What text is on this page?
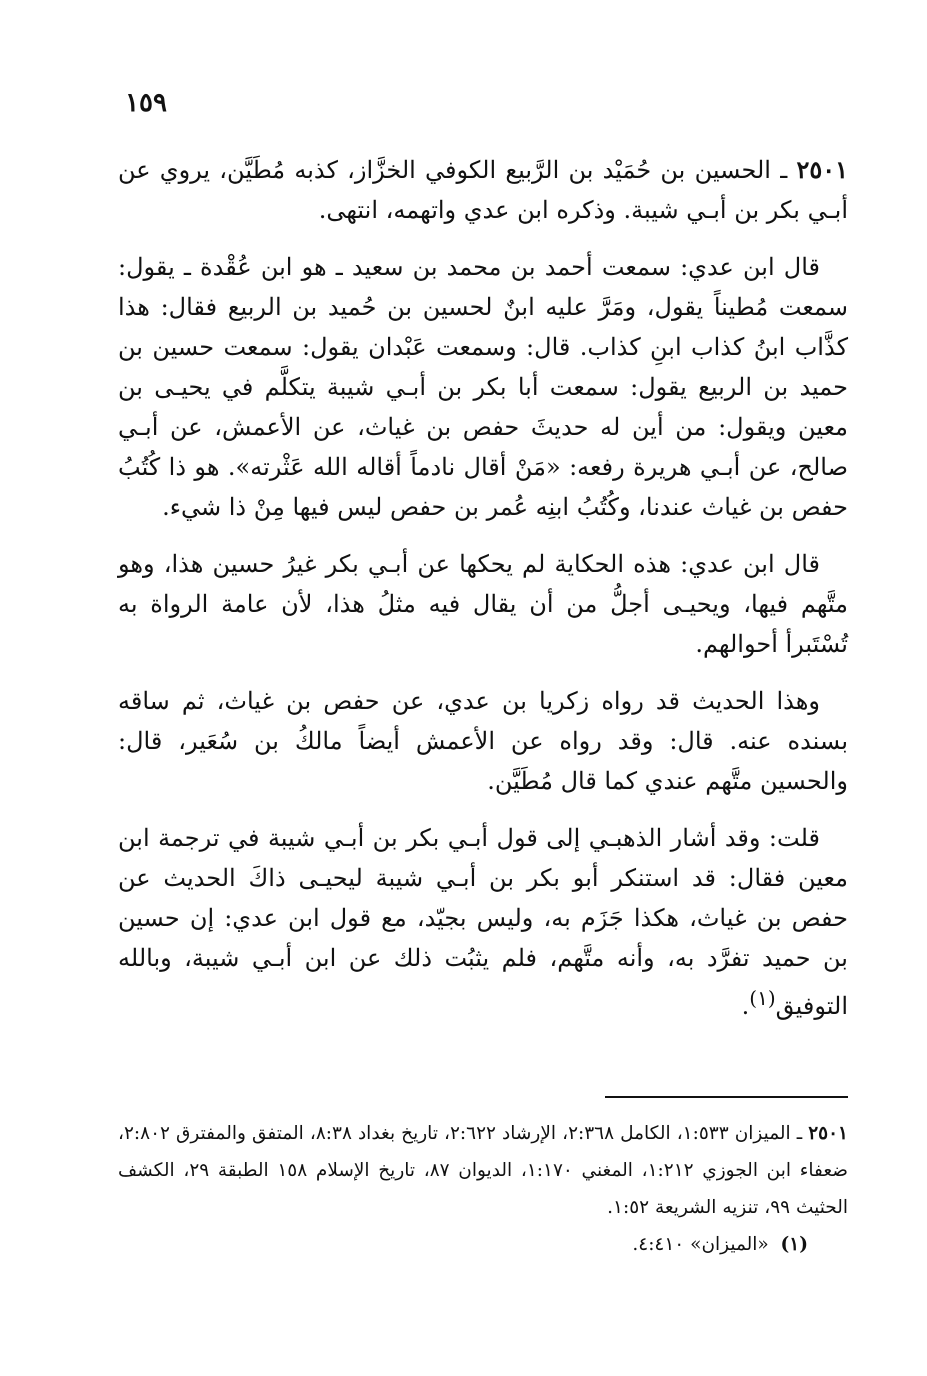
١٥٩

٢٥٠١ ـ الحسين بن حُمَيْد بن الرَّبيع الكوفي الخزَّاز، كذبه مُطَيَّن، يروي عن أبـي بكر بن أبـي شيبة. وذكره ابن عدي واتهمه، انتهى.

قال ابن عدي: سمعت أحمد بن محمد بن سعيد ـ هو ابن عُقْدة ـ يقول: سمعت مُطيناً يقول، ومَرَّ عليه ابنٌ لحسين بن حُميد بن الربيع فقال: هذا كذَّاب ابنُ كذاب ابنِ كذاب. قال: وسمعت عَبْدان يقول: سمعت حسين بن حميد بن الربيع يقول: سمعت أبا بكر بن أبـي شيبة يتكلَّم في يحيـى بن معين ويقول: من أين له حديثَ حفص بن غياث، عن الأعمش، عن أبـي صالح، عن أبـي هريرة رفعه: «مَنْ أقال نادماً أقاله الله عَثْرته». هو ذا كُتُبُ حفص بن غياث عندنا، وكُتُبُ ابنِه عُمر بن حفص ليس فيها مِنْ ذا شيء.

قال ابن عدي: هذه الحكاية لم يحكها عن أبـي بكر غيرُ حسين هذا، وهو متَّهم فيها، ويحيـى أجلُّ من أن يقال فيه مثلُ هذا، لأن عامة الرواة به تُسْتَبرأ أحوالهم.

وهذا الحديث قد رواه زكريا بن عدي، عن حفص بن غياث، ثم ساقه بسنده عنه. قال: وقد رواه عن الأعمش أيضاً مالكُ بن سُعَير، قال: والحسين متَّهم عندي كما قال مُطَيَّن.

قلت: وقد أشار الذهبـي إلى قول أبـي بكر بن أبـي شيبة في ترجمة ابن معين فقال: قد استنكر أبو بكر بن أبـي شيبة ليحيـى ذاكَ الحديث عن حفص بن غياث، هكذا جَزَم به، وليس بجيّد، مع قول ابن عدي: إن حسين بن حميد تفرَّد به، وأنه متَّهم، فلم يثبُت ذلك عن ابن أبـي شيبة، وبالله التوفيق$^{(١)}$.

٢٥٠١ ـ الميزان ١:٥٣٣، الكامل ٢:٣٦٨، الإرشاد ٢:٦٢٢، تاريخ بغداد ٨:٣٨، المتفق والمفترق ٢:٨٠٢، ضعفاء ابن الجوزي ١:٢١٢، المغني ١:١٧٠، الديوان ٨٧، تاريخ الإسلام ١٥٨ الطبقة ٢٩، الكشف الحثيث ٩٩، تنزيه الشريعة ١:٥٢.

(١)  «الميزان» ٤:٤١٠.
